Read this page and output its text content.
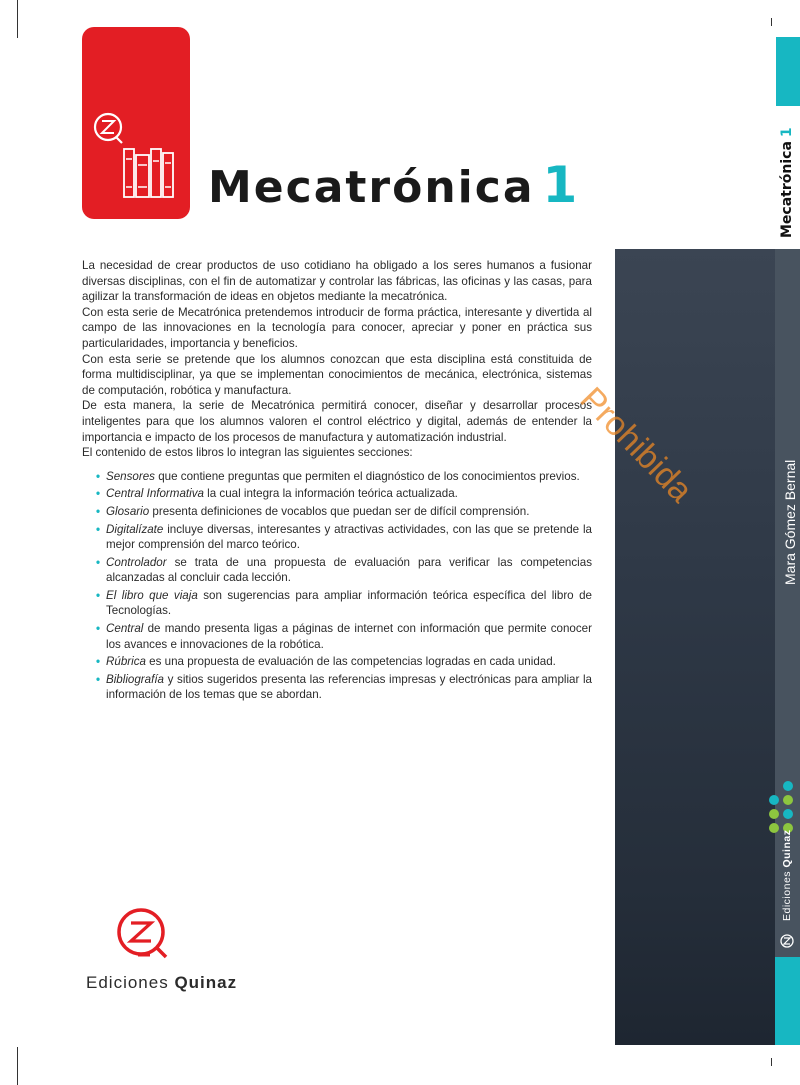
Mecatrónica 1

La necesidad de crear productos de uso cotidiano ha obligado a los seres humanos a fusionar diversas disciplinas, con el fin de automatizar y controlar las fábricas, las oficinas y las casas, para agilizar la transformación de ideas en objetos mediante la mecatrónica.

Con esta serie de Mecatrónica pretendemos introducir de forma práctica, interesante y divertida al campo de las innovaciones en la tecnología para conocer, apreciar y poner en práctica sus particularidades, importancia y beneficios.

Con esta serie se pretende que los alumnos conozcan que esta disciplina está constituida de forma multidisciplinar, ya que se implementan conocimientos de mecánica, electrónica, sistemas de computación, robótica y manufactura.

De esta manera, la serie de Mecatrónica permitirá conocer, diseñar y desarrollar procesos inteligentes para que los alumnos valoren el control eléctrico y digital, además de entender la importancia e impacto de los procesos de manufactura y automatización industrial.

El contenido de estos libros lo integran las siguientes secciones:

• Sensores que contiene preguntas que permiten el diagnóstico de los conocimientos previos.
• Central Informativa la cual integra la información teórica actualizada.
• Glosario presenta definiciones de vocablos que puedan ser de difícil comprensión.
• Digitalízate incluye diversas, interesantes y atractivas actividades, con las que se pretende la mejor comprensión del marco teórico.
• Controlador se trata de una propuesta de evaluación para verificar las competencias alcanzadas al concluir cada lección.
• El libro que viaja son sugerencias para ampliar información teórica específica del libro de Tecnologías.
• Central de mando presenta ligas a páginas de internet con información que permite conocer los avances e innovaciones de la robótica.
• Rúbrica es una propuesta de evaluación de las competencias logradas en cada unidad.
• Bibliografía y sitios sugeridos presenta las referencias impresas y electrónicas para ampliar la información de los temas que se abordan.
Mecatrónica1
Mara Gómez Bernal
Ediciones Quinaz
Prohibida
Ediciones Quinaz
